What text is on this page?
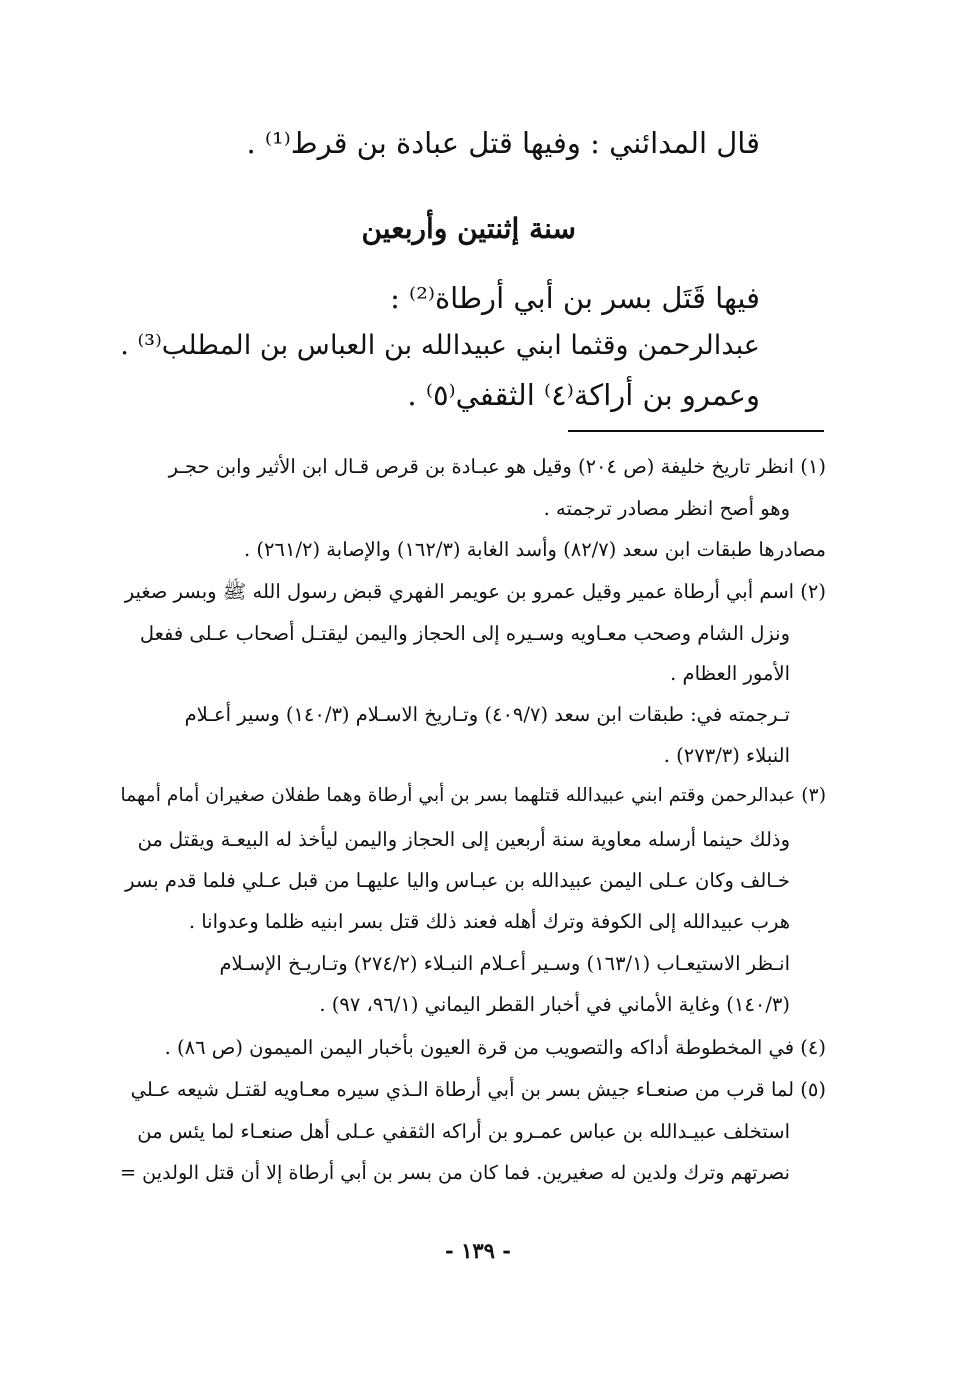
قال المدائني : وفيها قتل عبادة بن قرط⁽¹⁾ .
سنة إثنتين وأربعين
فيها قَتَل بسر بن أبي أرطاة⁽²⁾ :
عبدالرحمن وقثما ابني عبيدالله بن العباس بن المطلب⁽³⁾ .
وعمرو بن أراكة⁽٤⁾ الثقفي⁽٥⁾ .
(١) انظر تاريخ خليفة (ص ٢٠٤) وقيل هو عبـادة بن قرص قـال ابن الأثير وابن حجـر
وهو أصح انظر مصادر ترجمته .
مصادرها طبقات ابن سعد (٨٢/٧) وأسد الغابة (١٦٢/٣) والإصابة (٢٦١/٢) .
(٢) اسم أبي أرطاة عمير وقيل عمرو بن عويمر الفهري قبض رسول الله ﷺ وبسر صغير
ونزل الشام وصحب معـاويه وسـيره إلى الحجاز واليمن ليقتـل أصحاب عـلى ففعل
الأمور العظام .
تـرجمته في: طبقات ابن سعد (٤٠٩/٧) وتـاريخ الاسـلام (١٤٠/٣) وسير أعـلام
النبلاء (٢٧٣/٣) .
(٣) عبدالرحمن وقتم ابني عبيدالله قتلهما بسر بن أبي أرطاة وهما طفلان صغيران أمام أمهما
وذلك حينما أرسله معاوية سنة أربعين إلى الحجاز واليمن ليأخذ له البيعـة ويقتل من
خـالف وكان عـلى اليمن عبيدالله بن عبـاس واليا عليهـا من قبل عـلي فلما قدم بسر
هرب عبيدالله إلى الكوفة وترك أهله فعند ذلك قتل بسر ابنيه ظلما وعدوانا .
انـظر الاستيعـاب (١٦٣/١) وسـير أعـلام النبـلاء (٢٧٤/٢) وتـاريـخ الإسـلام
(١٤٠/٣) وغاية الأماني في أخبار القطر اليماني (٩٦/١، ٩٧) .
(٤) في المخطوطة أداكه والتصويب من قرة العيون بأخبار اليمن الميمون (ص ٨٦) .
(٥) لما قرب من صنعـاء جيش بسر بن أبي أرطاة الـذي سيره معـاويه لقتـل شيعه عـلي
استخلف عبيـدالله بن عباس عمـرو بن أراكه الثقفي عـلى أهل صنعـاء لما يئس من
نصرتهم وترك ولدين له صغيرين. فما كان من بسر بن أبي أرطاة إلا أن قتل الولدين =
- ١٣٩ -
